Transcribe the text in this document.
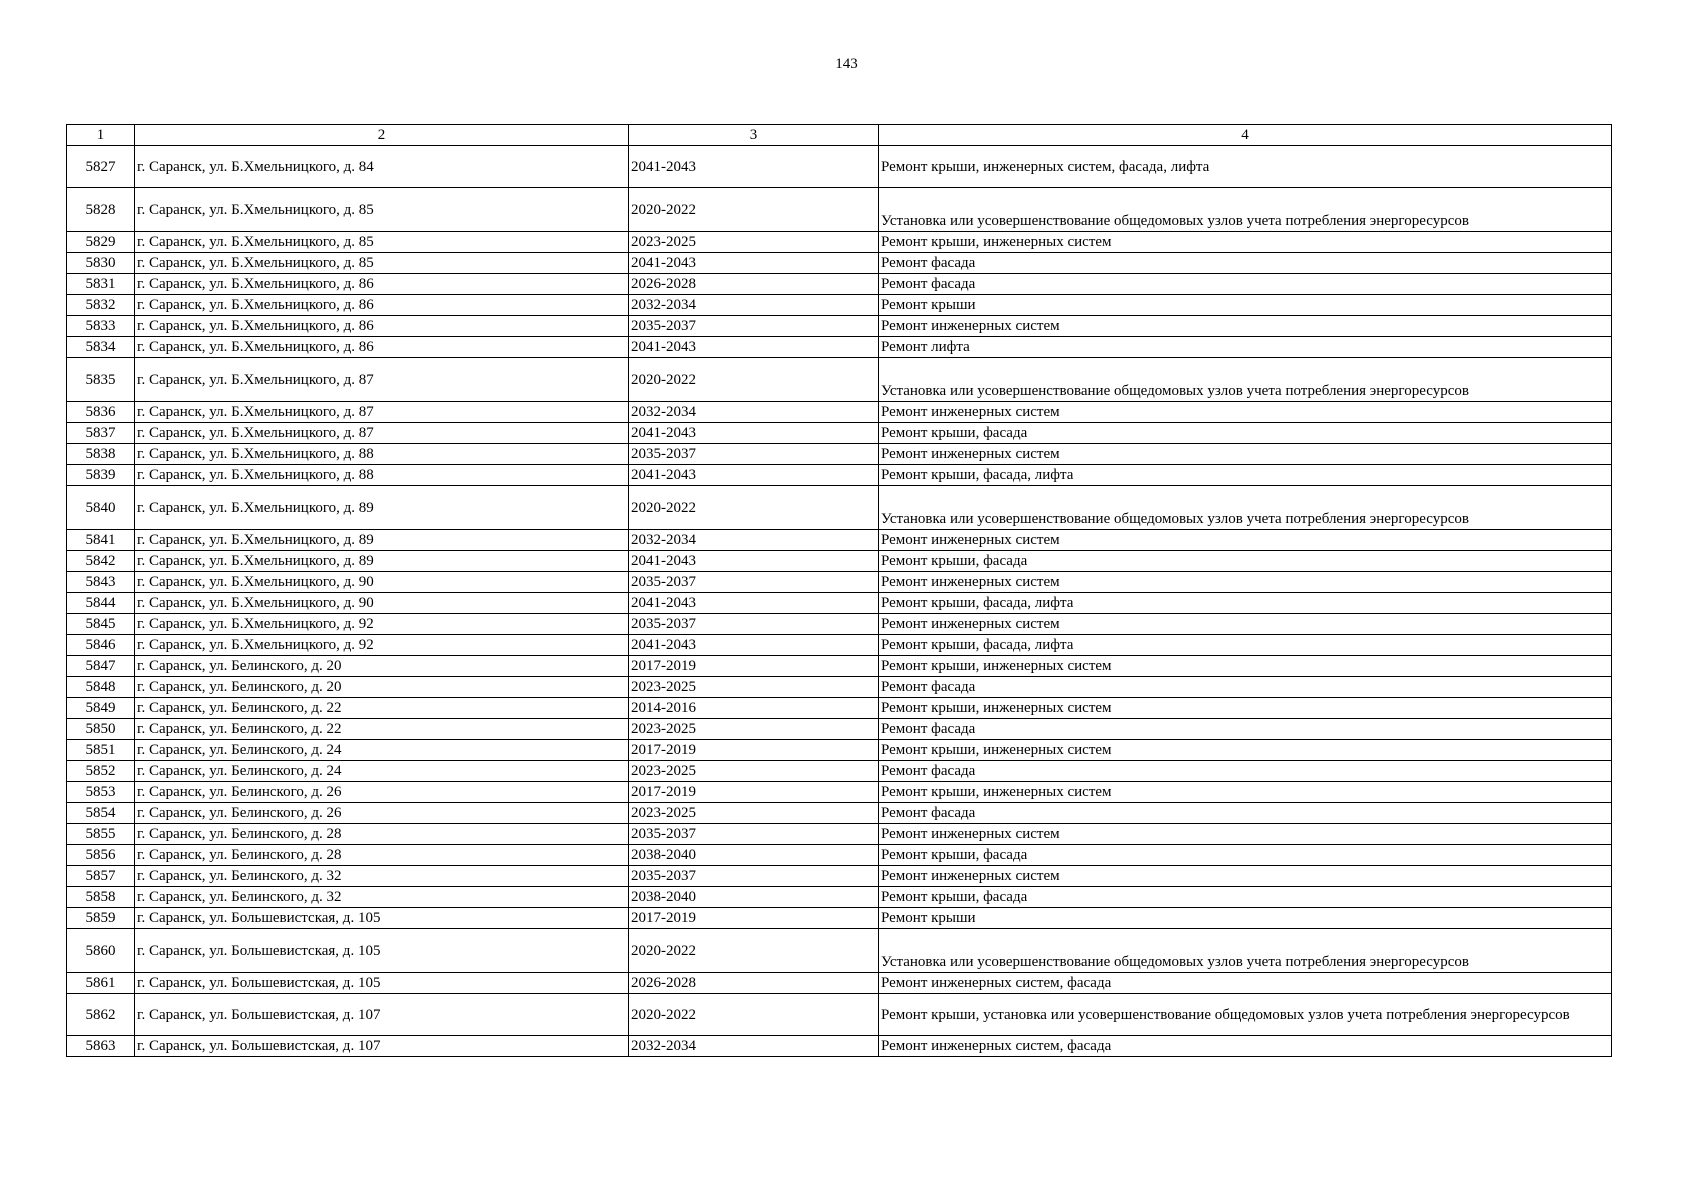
143
1	2	3	4
5827	г. Саранск, ул. Б.Хмельницкого, д. 84	2041-2043	Ремонт крыши, инженерных систем, фасада, лифта
5828	г. Саранск, ул. Б.Хмельницкого, д. 85	2020-2022	Установка или усовершенствование общедомовых узлов учета потребления энергоресурсов
5829	г. Саранск, ул. Б.Хмельницкого, д. 85	2023-2025	Ремонт крыши, инженерных систем
5830	г. Саранск, ул. Б.Хмельницкого, д. 85	2041-2043	Ремонт фасада
5831	г. Саранск, ул. Б.Хмельницкого, д. 86	2026-2028	Ремонт фасада
5832	г. Саранск, ул. Б.Хмельницкого, д. 86	2032-2034	Ремонт крыши
5833	г. Саранск, ул. Б.Хмельницкого, д. 86	2035-2037	Ремонт инженерных систем
5834	г. Саранск, ул. Б.Хмельницкого, д. 86	2041-2043	Ремонт лифта
5835	г. Саранск, ул. Б.Хмельницкого, д. 87	2020-2022	Установка или усовершенствование общедомовых узлов учета потребления энергоресурсов
5836	г. Саранск, ул. Б.Хмельницкого, д. 87	2032-2034	Ремонт инженерных систем
5837	г. Саранск, ул. Б.Хмельницкого, д. 87	2041-2043	Ремонт крыши, фасада
5838	г. Саранск, ул. Б.Хмельницкого, д. 88	2035-2037	Ремонт инженерных систем
5839	г. Саранск, ул. Б.Хмельницкого, д. 88	2041-2043	Ремонт крыши, фасада, лифта
5840	г. Саранск, ул. Б.Хмельницкого, д. 89	2020-2022	Установка или усовершенствование общедомовых узлов учета потребления энергоресурсов
5841	г. Саранск, ул. Б.Хмельницкого, д. 89	2032-2034	Ремонт инженерных систем
5842	г. Саранск, ул. Б.Хмельницкого, д. 89	2041-2043	Ремонт крыши, фасада
5843	г. Саранск, ул. Б.Хмельницкого, д. 90	2035-2037	Ремонт инженерных систем
5844	г. Саранск, ул. Б.Хмельницкого, д. 90	2041-2043	Ремонт крыши, фасада, лифта
5845	г. Саранск, ул. Б.Хмельницкого, д. 92	2035-2037	Ремонт инженерных систем
5846	г. Саранск, ул. Б.Хмельницкого, д. 92	2041-2043	Ремонт крыши, фасада, лифта
5847	г. Саранск, ул. Белинского, д. 20	2017-2019	Ремонт крыши, инженерных систем
5848	г. Саранск, ул. Белинского, д. 20	2023-2025	Ремонт фасада
5849	г. Саранск, ул. Белинского, д. 22	2014-2016	Ремонт крыши, инженерных систем
5850	г. Саранск, ул. Белинского, д. 22	2023-2025	Ремонт фасада
5851	г. Саранск, ул. Белинского, д. 24	2017-2019	Ремонт крыши, инженерных систем
5852	г. Саранск, ул. Белинского, д. 24	2023-2025	Ремонт фасада
5853	г. Саранск, ул. Белинского, д. 26	2017-2019	Ремонт крыши, инженерных систем
5854	г. Саранск, ул. Белинского, д. 26	2023-2025	Ремонт фасада
5855	г. Саранск, ул. Белинского, д. 28	2035-2037	Ремонт инженерных систем
5856	г. Саранск, ул. Белинского, д. 28	2038-2040	Ремонт крыши, фасада
5857	г. Саранск, ул. Белинского, д. 32	2035-2037	Ремонт инженерных систем
5858	г. Саранск, ул. Белинского, д. 32	2038-2040	Ремонт крыши, фасада
5859	г. Саранск, ул. Большевистская, д. 105	2017-2019	Ремонт крыши
5860	г. Саранск, ул. Большевистская, д. 105	2020-2022	Установка или усовершенствование общедомовых узлов учета потребления энергоресурсов
5861	г. Саранск, ул. Большевистская, д. 105	2026-2028	Ремонт инженерных систем, фасада
5862	г. Саранск, ул. Большевистская, д. 107	2020-2022	Ремонт крыши, установка или усовершенствование общедомовых узлов учета потребления энергоресурсов
5863	г. Саранск, ул. Большевистская, д. 107	2032-2034	Ремонт инженерных систем, фасада
